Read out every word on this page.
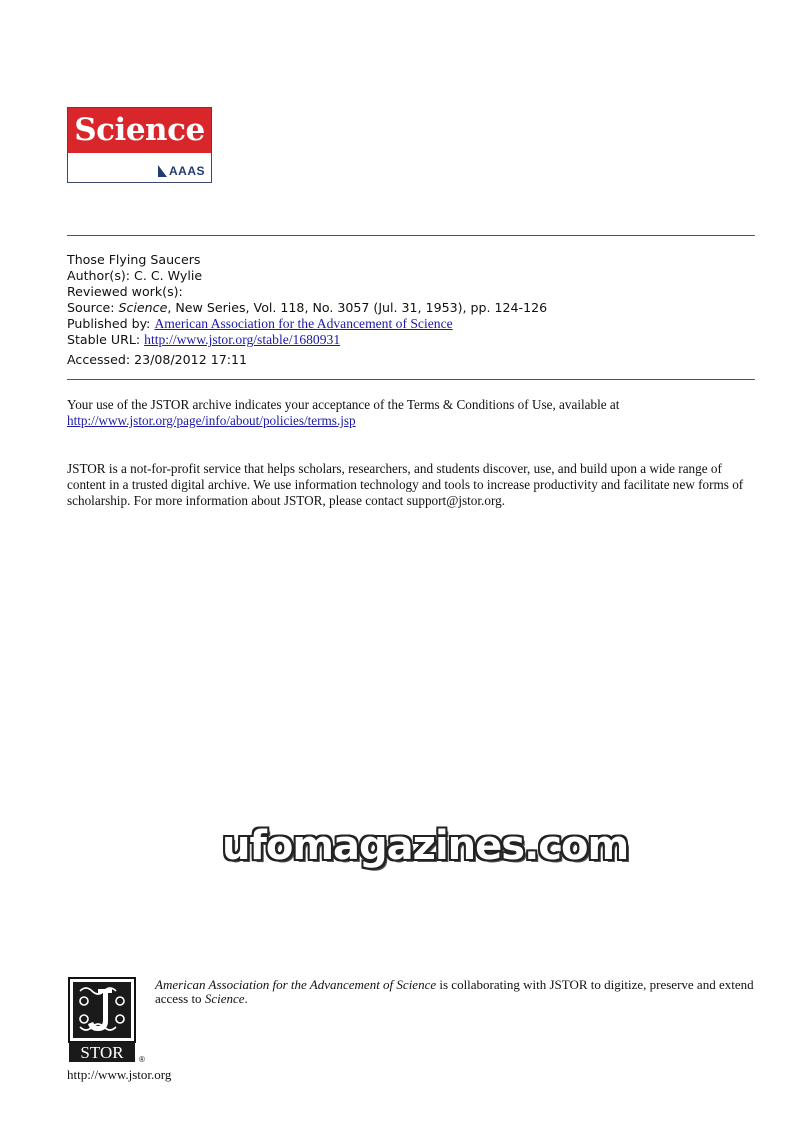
Science
AAAS
Those Flying Saucers
Author(s): C. C. Wylie
Reviewed work(s):
Source: Science, New Series, Vol. 118, No. 3057 (Jul. 31, 1953), pp. 124-126
Published by: American Association for the Advancement of Science
Stable URL: http://www.jstor.org/stable/1680931
Accessed: 23/08/2012 17:11
Your use of the JSTOR archive indicates your acceptance of the Terms & Conditions of Use, available at
http://www.jstor.org/page/info/about/policies/terms.jsp
JSTOR is a not-for-profit service that helps scholars, researchers, and students discover, use, and build upon a wide range of content in a trusted digital archive. We use information technology and tools to increase productivity and facilitate new forms of scholarship. For more information about JSTOR, please contact support@jstor.org.
ufomagazines.com
STOR ®
American Association for the Advancement of Science is collaborating with JSTOR to digitize, preserve and extend access to Science.
http://www.jstor.org
